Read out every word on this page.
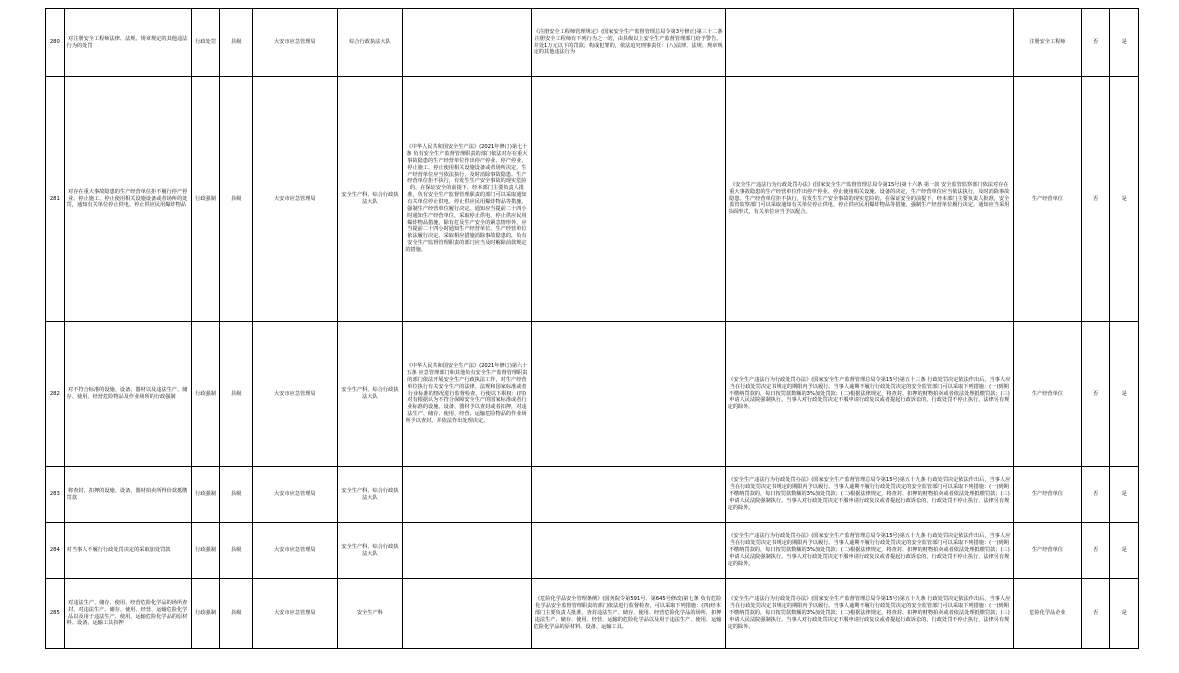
280	对注册安全工程师法律、法规、规章规定的其他违法行为的处罚	行政处罚	县级	大安市应急管理局	综合行政执法大队		《注册安全工程师管理规定》(国家安全生产监督管理总局令第3号修正)第三十二条 注册安全工程师有下列行为之一的，由县级以上安全生产监督管理部门给予警告，并处1万元以下的罚款；构成犯罪的，依法追究刑事责任：(八)法律、法规、规章规定的其他违法行为		注册安全工程师	否	是
281	对存在重大事故隐患的生产经营单位拒不履行停产停业、停止施工、停止使用相关设施设备或者场所的处罚，通知有关单位停止供电、停止供应民用爆炸物品	行政强制	县级	大安市应急管理局	安全生产科、综合行政执法大队	《中华人民共和国安全生产法》(2021年修订)第七十条 负有安全生产监督管理职责的部门依法对存在重大事故隐患的生产经营单位作出停产停业、停产停业、停止施工、停止使用相关设施设备或者场所决定，生产经营单位应当依法执行，及时消除事故隐患。生产经营单位拒不执行，有发生生产安全事故的现实危险的，在保证安全的前提下，经本部门主要负责人批准，负有安全生产监督管理职责的部门可以采取通知有关单位停止供电、停止供应民用爆炸物品等措施，强制生产经营单位履行决定。通知应当提前二十四小时通知生产经营单位，采取停止供电、停止供应民用爆炸物品措施，除有危及生产安全的紧急情形外，应当提前二十四小时通知生产经营单位。生产经营单位依法履行决定、采取相应措施消除事故隐患的，负有安全生产监督管理职责的部门应当及时解除前款规定的措施。		《安全生产违法行为行政处罚办法》(国家安全生产监督管理总局令第15号)第十六条 第一款 安全监管监察部门依法对存在重大事故隐患的生产经营单位作出停产停业、停止使用相关设施、设备的决定，生产经营单位应当依法执行，及时消除事故隐患。生产经营单位拒不执行，有发生生产安全事故的现实危险的，在保证安全的前提下，经本部门主要负责人批准，安全监管监察部门可以采取通知有关单位停止供电、停止供应民用爆炸物品等措施，强制生产经营单位履行决定。通知应当采用书面形式，有关单位应当予以配合。	生产经营单位	否	是
282	对不符合标准的设施、设备、器材以及违法生产、储存、使用、经营危险物品及作业场所的行政强制	行政强制	县级	大安市应急管理局	安全生产科、综合行政执法大队	《中华人民共和国安全生产法》(2021年修订)第六十五条 应急管理部门和其他负有安全生产监督管理职责的部门依法开展安全生产行政执法工作，对生产经营单位执行有关安全生产的法律、法规和国家标准或者行业标准的情况进行监督检查，行使以下职权：(四)对有根据认为不符合保障安全生产的国家标准或者行业标准的设施、设备、器材予以查封或者扣押，对违法生产、储存、使用、经营、运输危险物品的作业场所予以查封，并依法作出处理决定。		《安全生产违法行为行政处罚办法》(国家安全生产监督管理总局令第15号)第五十三条 行政处罚决定依法作出后，当事人应当在行政处罚决定书规定的期限内予以履行。当事人逾期不履行行政处罚决定的安全监管部门可以采取下列措施：(一)到期不缴纳罚款的，每日按罚款数额的3%加处罚款；(二)根据法律规定，将查封、扣押的财物拍卖或者依法处理抵缴罚款；(三)申请人民法院强制执行。当事人对行政处罚决定不服申请行政复议或者提起行政诉讼的，行政处罚不停止执行，法律另有规定的除外。	生产经营单位	否	是
283	将查封、扣押的设施、设备、器材拍卖所得价款抵缴罚款	行政强制	县级	大安市应急管理局	安全生产科、综合行政执法大队			《安全生产违法行为行政处罚办法》(国家安全生产监督管理总局令第15号)第五十九条 行政处罚决定依法作出后，当事人应当在行政处罚决定书规定的期限内予以履行。当事人逾期不履行行政处罚决定的安全监管部门可以采取下列措施：(一)到期不缴纳罚款的，每日按罚款数额的3%加处罚款；(二)根据法律规定，将查封、扣押的财物拍卖或者依法处理抵缴罚款；(三)申请人民法院强制执行。当事人对行政处罚决定不服申请行政复议或者提起行政诉讼的，行政处罚不停止执行，法律另有规定的除外。	生产经营单位	否	是
284	对当事人不履行行政处罚决定的采取加处罚款	行政强制	县级	大安市应急管理局	安全生产科、综合行政执法大队			《安全生产违法行为行政处罚办法》(国家安全生产监督管理总局令第15号)第五十九条 行政处罚决定依法作出后，当事人应当在行政处罚决定书规定的期限内予以履行。当事人逾期不履行行政处罚决定的安全监管部门可以采取下列措施：(一)到期不缴纳罚款的，每日按罚款数额的3%加处罚款；(二)根据法律规定，将查封、扣押的财物拍卖或者依法处理抵缴罚款；(三)申请人民法院强制执行。当事人对行政处罚决定不服申请行政复议或者提起行政诉讼的，行政处罚不停止执行，法律另有规定的除外。	生产经营单位	否	是
285	对违法生产、储存、使用、经营危险化学品的场所查封、对违法生产、储存、使用、经营、运输危险化学品以及用于违法生产、使用、运输危险化学品的原材料、设备、运输工具扣押	行政强制	县级	大安市应急管理局	安全生产科		《危险化学品安全管理条例》(国务院令第591号、第645号修改)第七条 负有危险化学品安全监督管理职责的部门依法进行监督检查，可以采取下列措施：(四)经本部门主要负责人批准，查封违法生产、储存、使用、经营危险化学品的场所，扣押违法生产、储存、使用、经营、运输的危险化学品以及用于违法生产、使用、运输危险化学品的原材料、设备、运输工具。	《安全生产违法行为行政处罚办法》(国家安全生产监督管理总局令第15号)第五十九条 行政处罚决定依法作出后，当事人应当在行政处罚决定书规定的期限内予以履行。当事人逾期不履行行政处罚决定的安全监管部门可以采取下列措施：(一)到期不缴纳罚款的，每日按罚款数额的3%加处罚款；(二)根据法律规定，将查封、扣押的财物拍卖或者依法处理抵缴罚款；(三)申请人民法院强制执行。当事人对行政处罚决定不服申请行政复议或者提起行政诉讼的，行政处罚不停止执行，法律另有规定的除外。	危险化学品企业	否	是
